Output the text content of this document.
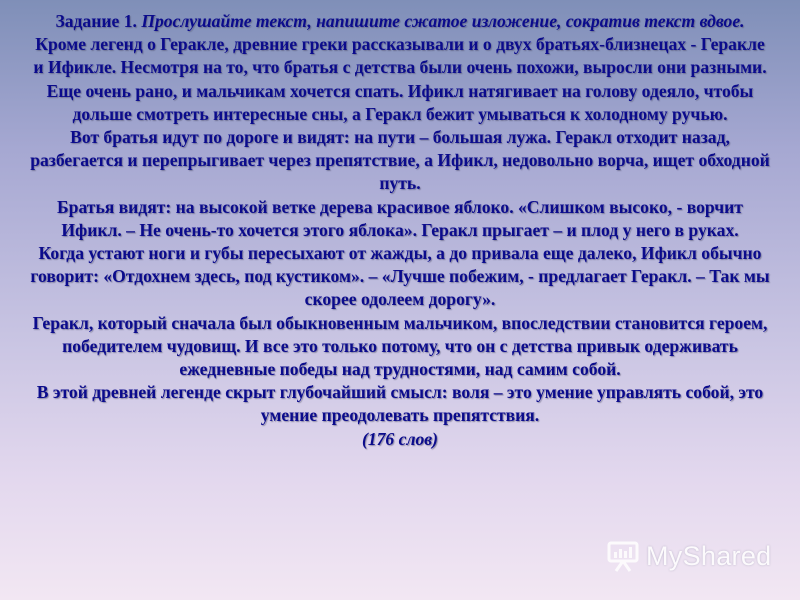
Задание 1. Прослушайте текст, напишите сжатое изложение, сократив текст вдвое.

Кроме легенд о Геракле, древние греки рассказывали и о двух братьях-близнецах - Геракле и Ификле. Несмотря на то, что братья с детства были очень похожи, выросли они разными.

Еще очень рано, и мальчикам хочется спать. Ификл натягивает на голову одеяло, чтобы дольше смотреть интересные сны, а Геракл бежит умываться к холодному ручью.

Вот братья идут по дороге и видят: на пути – большая лужа. Геракл отходит назад, разбегается и перепрыгивает через препятствие, а Ификл, недовольно ворча, ищет обходной путь.

Братья видят: на высокой ветке дерева красивое яблоко. «Слишком высоко, - ворчит Ификл. – Не очень-то хочется этого яблока». Геракл прыгает – и плод у него в руках.

Когда устают ноги и губы пересыхают от жажды, а до привала еще далеко, Ификл обычно говорит: «Отдохнем здесь, под кустиком». – «Лучше побежим, - предлагает Геракл. – Так мы скорее одолеем дорогу».

Геракл, который сначала был обыкновенным мальчиком, впоследствии становится героем, победителем чудовищ. И все это только потому, что он с детства привык одерживать ежедневные победы над трудностями, над самим собой.

В этой древней легенде скрыт глубочайший смысл: воля – это умение управлять собой, это умение преодолевать препятствия.

(176 слов)

MyShared
